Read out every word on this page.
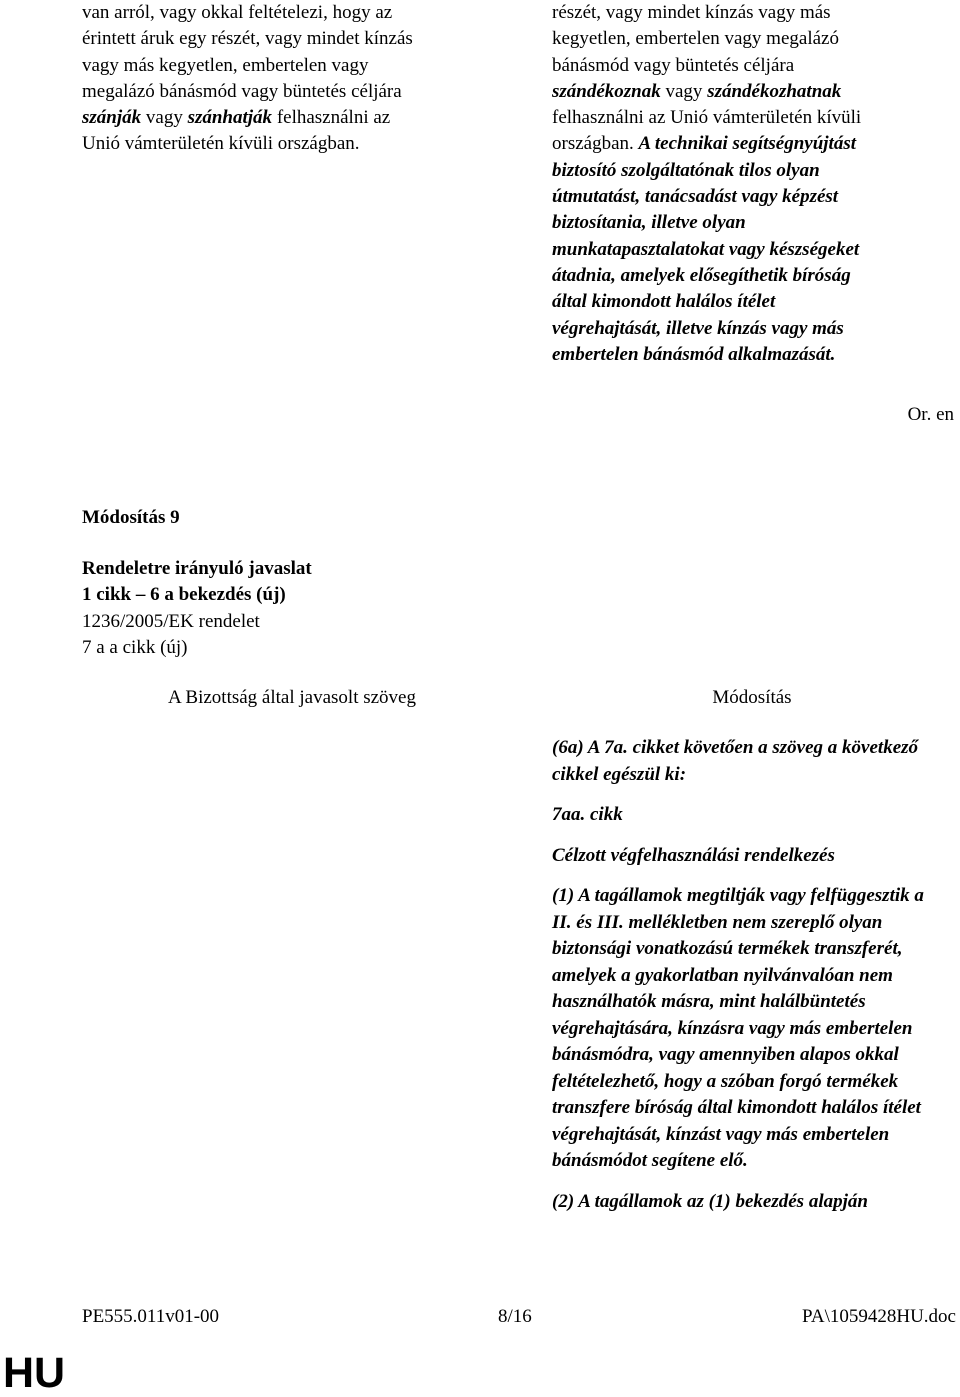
van arról, vagy okkal feltételezi, hogy az
érintett áruk egy részét, vagy mindet kínzás
vagy más kegyetlen, embertelen vagy
megalázó bánásmód vagy büntetés céljára
szánják vagy szánhatják felhasználni az
Unió vámterületén kívüli országban.
részét, vagy mindet kínzás vagy más
kegyetlen, embertelen vagy megalázó
bánásmód vagy büntetés céljára
szándékoznak vagy szándékozhatnak
felhasználni az Unió vámterületén kívüli
országban. A technikai segítségnyújtást
biztosító szolgáltatónak tilos olyan
útmutatást, tanácsadást vagy képzést
biztosítania, illetve olyan
munkatapasztalatokat vagy készségeket
átadnia, amelyek elősegíthetik bíróság
által kimondott halálos ítélet
végrehajtását, illetve kínzás vagy más
embertelen bánásmód alkalmazását.
Or. en
Módosítás 9
Rendeletre irányuló javaslat
1 cikk – 6 a bekezdés (új)
1236/2005/EK rendelet
7 a a cikk (új)
A Bizottság által javasolt szöveg	Módosítás

(6a) A 7a. cikket követően a szöveg a következő cikkel egészül ki:

7aa. cikk

Célzott végfelhasználási rendelkezés

(1) A tagállamok megtiltják vagy felfüggesztik a II. és III. mellékletben nem szereplő olyan biztonsági vonatkozású termékek transzferét, amelyek a gyakorlatban nyilvánvalóan nem használhatók másra, mint halálbüntetés végrehajtására, kínzásra vagy más embertelen bánásmódra, vagy amennyiben alapos okkal feltételezhető, hogy a szóban forgó termékek transzfere bíróság által kimondott halálos ítélet végrehajtását, kínzást vagy más embertelen bánásmódot segítene elő.

(2) A tagállamok az (1) bekezdés alapján

PE555.011v01-00	8/16	PA\1059428HU.doc
HU
